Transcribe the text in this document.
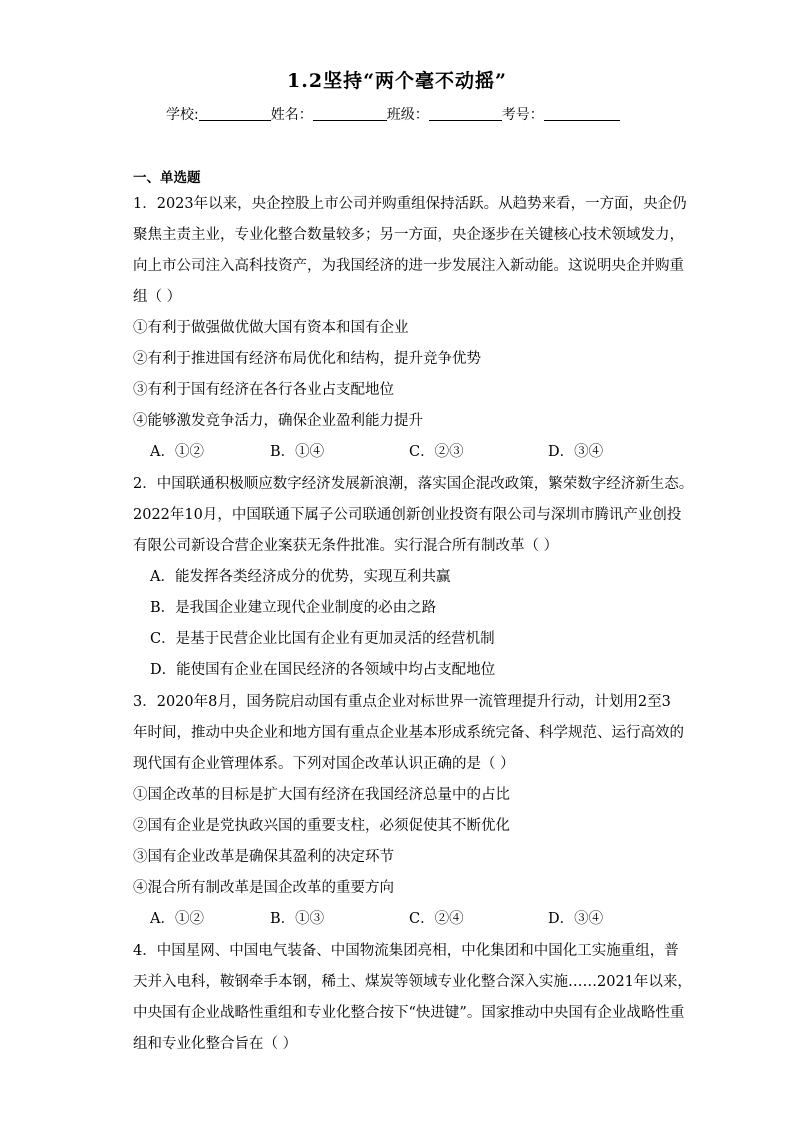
1.2坚持“两个毫不动摇”
学校:	姓名：	班级：	考号：
一、单选题
1．2023年以来，央企控股上市公司并购重组保持活跃。从趋势来看，一方面，央企仍
聚焦主责主业，专业化整合数量较多；另一方面，央企逐步在关键核心技术领域发力，
向上市公司注入高科技资产，为我国经济的进一步发展注入新动能。这说明央企并购重
组（ ）
①有利于做强做优做大国有资本和国有企业
②有利于推进国有经济布局优化和结构，提升竞争优势
③有利于国有经济在各行各业占支配地位
④能够激发竞争活力，确保企业盈利能力提升
A．①②	B．①④	C．②③	D．③④
2．中国联通积极顺应数字经济发展新浪潮，落实国企混改政策，繁荣数字经济新生态。
2022年10月，中国联通下属子公司联通创新创业投资有限公司与深圳市腾讯产业创投
有限公司新设合营企业案获无条件批准。实行混合所有制改革（ ）
A．能发挥各类经济成分的优势，实现互利共赢
B．是我国企业建立现代企业制度的必由之路
C．是基于民营企业比国有企业有更加灵活的经营机制
D．能使国有企业在国民经济的各领域中均占支配地位
3．2020年8月，国务院启动国有重点企业对标世界一流管理提升行动，计划用2至3
年时间，推动中央企业和地方国有重点企业基本形成系统完备、科学规范、运行高效的
现代国有企业管理体系。下列对国企改革认识正确的是（ ）
①国企改革的目标是扩大国有经济在我国经济总量中的占比
②国有企业是党执政兴国的重要支柱，必须促使其不断优化
③国有企业改革是确保其盈利的决定环节
④混合所有制改革是国企改革的重要方向
A．①②	B．①③	C．②④	D．③④
4．中国星网、中国电气装备、中国物流集团亮相，中化集团和中国化工实施重组，普
天并入电科，鞍钢牵手本钢，稀土、煤炭等领域专业化整合深入实施……2021年以来，
中央国有企业战略性重组和专业化整合按下“快进键”。国家推动中央国有企业战略性重
组和专业化整合旨在（ ）
